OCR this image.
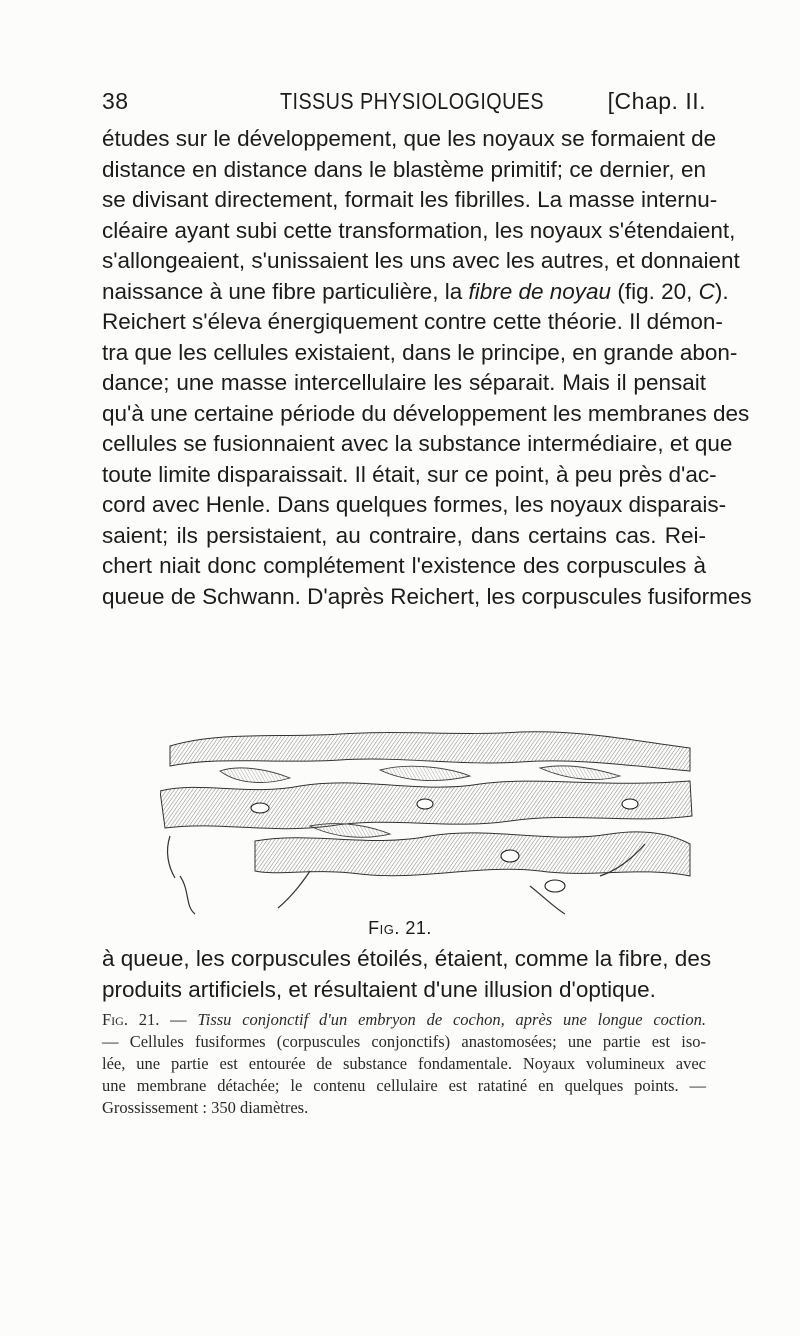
38	TISSUS PHYSIOLOGIQUES	[Chap. II.
études sur le développement, que les noyaux se formaient de
distance en distance dans le blastème primitif; ce dernier, en
se divisant directement, formait les fibrilles. La masse internu-
cléaire ayant subi cette transformation, les noyaux s'étendaient,
s'allongeaient, s'unissaient les uns avec les autres, et donnaient
naissance à une fibre particulière, la fibre de noyau (fig. 20, C).
Reichert s'éleva énergiquement contre cette théorie. Il démon-
tra que les cellules existaient, dans le principe, en grande abon-
dance; une masse intercellulaire les séparait. Mais il pensait
qu'à une certaine période du développement les membranes des
cellules se fusionnaient avec la substance intermédiaire, et que
toute limite disparaissait. Il était, sur ce point, à peu près d'ac-
cord avec Henle. Dans quelques formes, les noyaux disparais-
saient; ils persistaient, au contraire, dans certains cas. Rei-
chert niait donc complétement l'existence des corpuscules à
queue de Schwann. D'après Reichert, les corpuscules fusiformes
Fig. 21.
à queue, les corpuscules étoilés, étaient, comme la fibre, des
produits artificiels, et résultaient d'une illusion d'optique.
Fig. 21. — Tissu conjonctif d'un embryon de cochon, après une longue coction.
— Cellules fusiformes (corpuscules conjonctifs) anastomosées; une partie est iso-
lée, une partie est entourée de substance fondamentale. Noyaux volumineux avec
une membrane détachée; le contenu cellulaire est ratatiné en quelques points. —
Grossissement : 350 diamètres.
